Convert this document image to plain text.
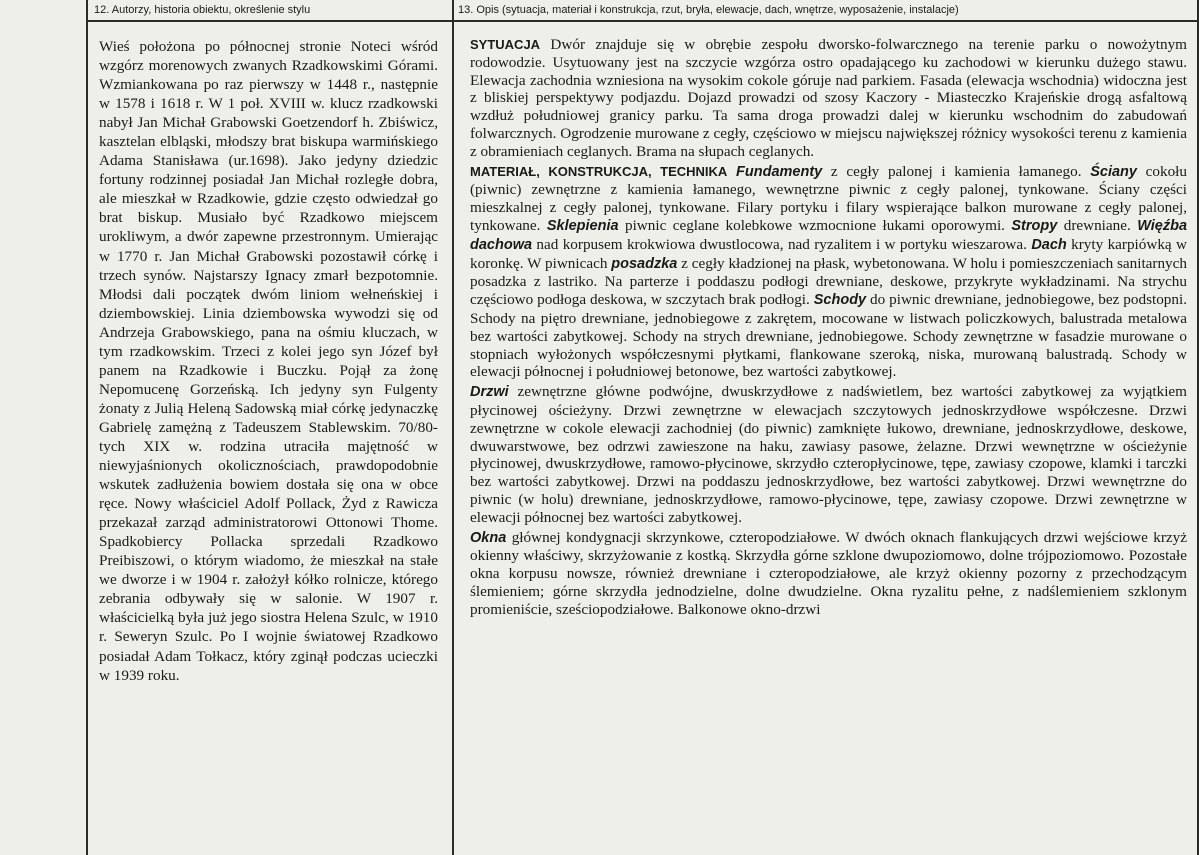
12. Autorzy, historia obiektu, określenie stylu
Wieś położona po północnej stronie Noteci wśród wzgórz morenowych zwanych Rzadkowskimi Górami. Wzmiankowana po raz pierwszy w 1448 r., następnie w 1578 i 1618 r. W 1 poł. XVIII w. klucz rzadkowski nabył Jan Michał Grabowski Goetzendorf h. Zbiświcz, kasztelan elbląski, młodszy brat biskupa warmińskiego Adama Stanisława (ur.1698). Jako jedyny dziedzic fortuny rodzinnej posiadał Jan Michał rozległe dobra, ale mieszkał w Rzadkowie, gdzie często odwiedzał go brat biskup. Musiało być Rzadkowo miejscem urokliwym, a dwór zapewne przestronnym. Umierając w 1770 r. Jan Michał Grabowski pozostawił córkę i trzech synów. Najstarszy Ignacy zmarł bezpotomnie. Młodsi dali początek dwóm liniom wełneńskiej i dziembowskiej. Linia dziembowska wywodzi się od Andrzeja Grabowskiego, pana na ośmiu kluczach, w tym rzadkowskim. Trzeci z kolei jego syn Józef był panem na Rzadkowie i Buczku. Pojął za żonę Nepomucenę Gorzeńską. Ich jedyny syn Fulgenty żonaty z Julią Heleną Sadowską miał córkę jedynaczkę Gabrielę zamężną z Tadeuszem Stablewskim. 70/80-tych XIX w. rodzina utraciła majętność w niewyjaśnionych okolicznościach, prawdopodobnie wskutek zadłużenia bowiem dostała się ona w obce ręce. Nowy właściciel Adolf Pollack, Żyd z Rawicza przekazał zarząd administratorowi Ottonowi Thome. Spadkobiercy Pollacka sprzedali Rzadkowo Preibiszowi, o którym wiadomo, że mieszkał na stałe we dworze i w 1904 r. założył kółko rolnicze, którego zebrania odbywały się w salonie. W 1907 r. właścicielką była już jego siostra Helena Szulc, w 1910 r. Seweryn Szulc. Po I wojnie światowej Rzadkowo posiadał Adam Tołkacz, który zginął podczas ucieczki w 1939 roku.
13. Opis (sytuacja, materiał i konstrukcja, rzut, bryła, elewacje, dach, wnętrze, wyposażenie, instalacje)

SYTUACJA Dwór znajduje się w obrębie zespołu dworsko-folwarcznego na terenie parku o nowożytnym rodowodzie. Usytuowany jest na szczycie wzgórza ostro opadającego ku zachodowi w kierunku dużego stawu. Elewacja zachodnia wzniesiona na wysokim cokole góruje nad parkiem. Fasada (elewacja wschodnia) widoczna jest z bliskiej perspektywy podjazdu. Dojazd prowadzi od szosy Kaczory - Miasteczko Krajeńskie drogą asfaltową wzdłuż południowej granicy parku. Ta sama droga prowadzi dalej w kierunku wschodnim do zabudowań folwarcznych. Ogrodzenie murowane z cegły, częściowo w miejscu największej różnicy wysokości terenu z kamienia z obramieniach ceglanych. Brama na słupach ceglanych.

MATERIAŁ, KONSTRUKCJA, TECHNIKA Fundamenty z cegły palonej i kamienia łamanego. Ściany cokołu (piwnic) zewnętrzne z kamienia łamanego, wewnętrzne piwnic z cegły palonej, tynkowane. Ściany części mieszkalnej z cegły palonej, tynkowane. Filary portyku i filary wspierające balkon murowane z cegły palonej, tynkowane. Sklepienia piwnic ceglane kolebkowe wzmocnione łukami oporowymi. Stropy drewniane. Więźba dachowa nad korpusem krokwiowa dwustlocowa, nad ryzalitem i w portyku wieszarowa. Dach kryty karpiówką w koronkę. W piwnicach posadzka z cegły kładzionej na płask, wybetonowana. W holu i pomieszczeniach sanitarnych posadzka z lastriko. Na parterze i poddaszu podłogi drewniane, deskowe, przykryte wykładzinami. Na strychu częściowo podłoga deskowa, w szczytach brak podłogi. Schody do piwnic drewniane, jednobiegowe, bez podstopni. Schody na piętro drewniane, jednobiegowe z zakrętem, mocowane w listwach policzkowych, balustrada metalowa bez wartości zabytkowej. Schody na strych drewniane, jednobiegowe. Schody zewnętrzne w fasadzie murowane o stopniach wyłożonych współczesnymi płytkami, flankowane szeroką, niska, murowaną balustradą. Schody w elewacji północnej i południowej betonowe, bez wartości zabytkowej.

Drzwi zewnętrzne główne podwójne, dwuskrzydłowe z nadświetlem, bez wartości zabytkowej za wyjątkiem płycinowej ościeżyny. Drzwi zewnętrzne w elewacjach szczytowych jednoskrzydłowe współczesne. Drzwi zewnętrzne w cokole elewacji zachodniej (do piwnic) zamknięte łukowo, drewniane, jednoskrzydłowe, deskowe, dwuwarstwowe, bez odrzwi zawieszone na haku, zawiasy pasowe, żelazne. Drzwi wewnętrzne w ościeżynie płycinowej, dwuskrzydłowe, ramowo-płycinowe, skrzydło czteropłycinowe, tępe, zawiasy czopowe, klamki i tarczki bez wartości zabytkowej. Drzwi na poddaszu jednoskrzydłowe, bez wartości zabytkowej. Drzwi wewnętrzne do piwnic (w holu) drewniane, jednoskrzydłowe, ramowo-płycinowe, tępe, zawiasy czopowe. Drzwi zewnętrzne w elewacji północnej bez wartości zabytkowej.

Okna głównej kondygnacji skrzynkowe, czteropodziałowe. W dwóch oknach flankujących drzwi wejściowe krzyż okienny właściwy, skrzyżowanie z kostką. Skrzydła górne szklone dwupoziomowo, dolne trójpoziomowo. Pozostałe okna korpusu nowsze, również drewniane i czteropodziałowe, ale krzyż okienny pozorny z przechodzącym ślemieniem; górne skrzydła jednodzielne, dolne dwudzielne. Okna ryzalitu pełne, z nadślemieniem szklonym promieniście, sześciopodziałowe. Balkonowe okno-drzwi
